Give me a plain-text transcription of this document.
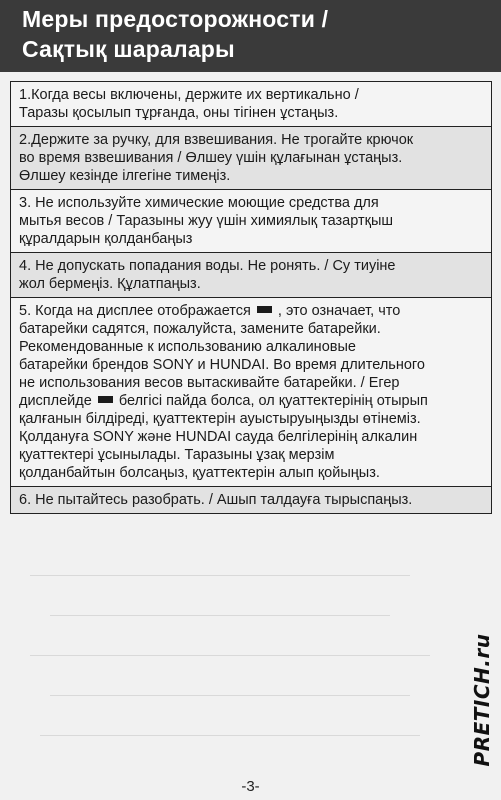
Меры предосторожности /
Сақтық шаралары
1.Когда весы включены, держите их вертикально /
Таразы қосылып тұрғанда, оны тігінен ұстаңыз.
2.Держите за ручку, для взвешивания. Не трогайте крючок
во время взвешивания / Өлшеу үшін құлағынан ұстаңыз.
Өлшеу кезінде ілгегіне тимеңіз.
3. Не используйте химические моющие средства для
мытья весов / Таразыны жуу үшін химиялық тазартқыш
құралдарын қолданбаңыз
4. Не допускать попадания воды. Не ронять. / Су тиуіне
жол бермеңіз. Құлатпаңыз.
5. Когда на дисплее отображается , это означает, что
батарейки садятся, пожалуйста, замените батарейки.
Рекомендованные к использованию алкалиновые
батарейки брендов SONY и HUNDAI. Во время длительного
не использования весов вытаскивайте батарейки. / Егер
дисплейде белгісі пайда болса, ол қуаттектерінің отырып
қалғанын білдіреді, қуаттектерін ауыстыруыңызды өтінеміз.
Қолдануға SONY және HUNDAI сауда белгілерінің алкалин
қуаттектері ұсынылады. Таразыны ұзақ мерзім
қолданбайтын болсаңыз, қуаттектерін алып қойыңыз.
6. Не пытайтесь разобрать. / Ашып талдауға тырыспаңыз.
PRETICH.ru
-3-
